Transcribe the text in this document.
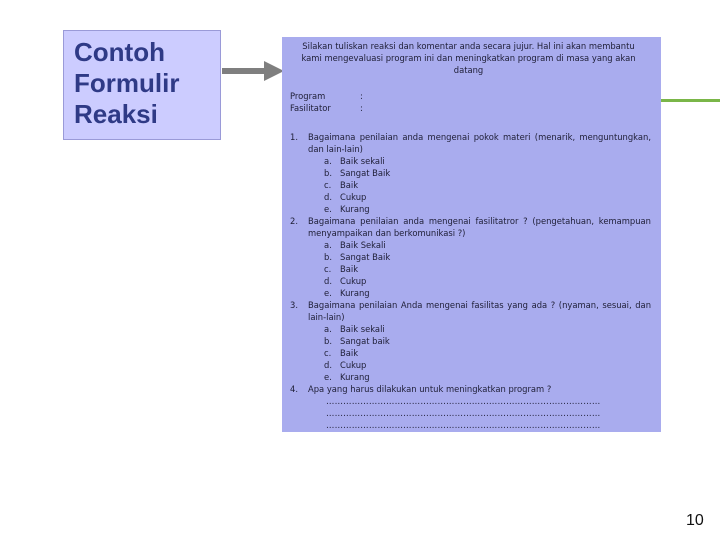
Contoh
Formulir
Reaksi
Silakan tuliskan reaksi dan komentar anda secara jujur. Hal ini akan membantu kami mengevaluasi program ini dan meningkatkan program di masa yang akan datang
Program	:
Fasilitator	:
1.	Bagaimana penilaian anda mengenai pokok materi (menarik, menguntungkan, dan lain-lain)
a. Baik sekali
b. Sangat Baik
c.	Baik
d. Cukup
e. Kurang
2.	Bagaimana penilaian anda mengenai fasilitatror ? (pengetahuan, kemampuan menyampaikan dan berkomunikasi ?)
a. Baik Sekali
b. Sangat Baik
c.	Baik
d. Cukup
e. Kurang
3.	Bagaimana penilaian Anda mengenai fasilitas yang ada ? (nyaman, sesuai, dan lain-lain)
a. Baik sekali
b. Sangat baik
c.	Baik
d. Cukup
e. Kurang
4.	Apa yang harus dilakukan untuk meningkatkan program ?
……………………………………………………………………………………
……………………………………………………………………………………
……………………………………………………………………………………
10
